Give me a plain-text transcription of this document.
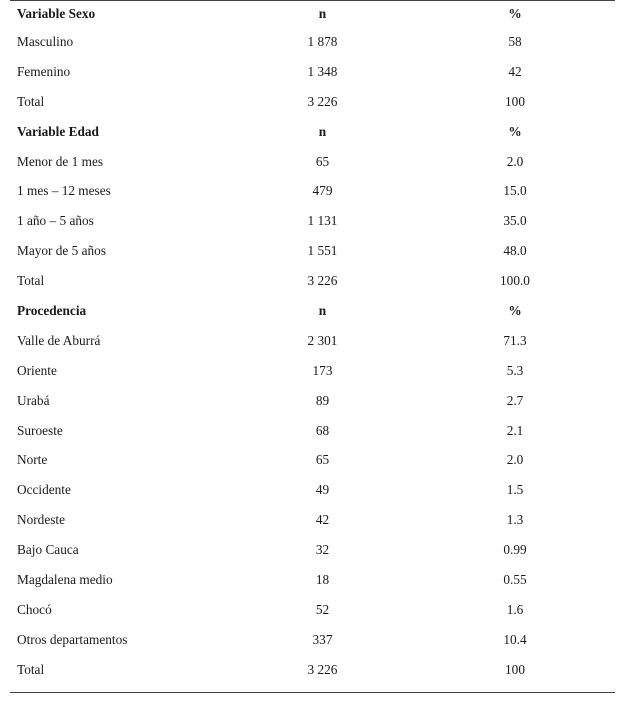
Variable Sexo	n	%
Masculino	1 878	58
Femenino	1 348	42
Total	3 226	100
Variable Edad	n	%
Menor de 1 mes	65	2.0
1 mes – 12 meses	479	15.0
1 año – 5 años	1 131	35.0
Mayor de 5 años	1 551	48.0
Total	3 226	100.0
Procedencia	n	%
Valle de Aburrá	2 301	71.3
Oriente	173	5.3
Urabá	89	2.7
Suroeste	68	2.1
Norte	65	2.0
Occidente	49	1.5
Nordeste	42	1.3
Bajo Cauca	32	0.99
Magdalena medio	18	0.55
Chocó	52	1.6
Otros departamentos	337	10.4
Total	3 226	100
